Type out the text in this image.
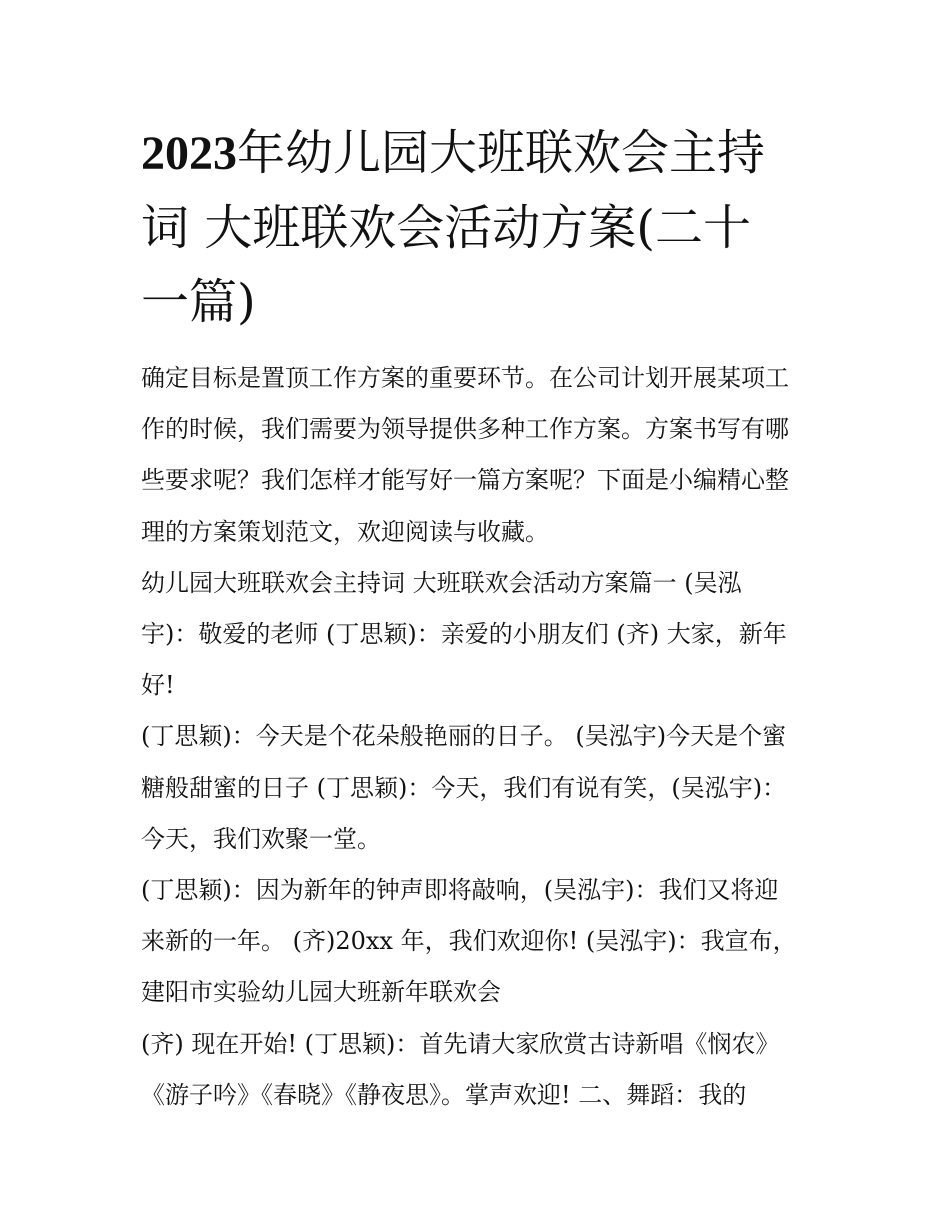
2023年幼儿园大班联欢会主持
词 大班联欢会活动方案(二十
一篇)

确定目标是置顶工作方案的重要环节。在公司计划开展某项工
作的时候，我们需要为领导提供多种工作方案。方案书写有哪
些要求呢？我们怎样才能写好一篇方案呢？下面是小编精心整
理的方案策划范文，欢迎阅读与收藏。

幼儿园大班联欢会主持词 大班联欢会活动方案篇一 (吴泓
宇)：敬爱的老师 (丁思颖)：亲爱的小朋友们 (齐) 大家，新年
好!

(丁思颖)：今天是个花朵般艳丽的日子。 (吴泓宇)今天是个蜜
糖般甜蜜的日子 (丁思颖)：今天，我们有说有笑，(吴泓宇)：
今天，我们欢聚一堂。

(丁思颖)：因为新年的钟声即将敲响，(吴泓宇)：我们又将迎
来新的一年。 (齐)20xx 年，我们欢迎你! (吴泓宇)：我宣布，
建阳市实验幼儿园大班新年联欢会

(齐) 现在开始! (丁思颖)：首先请大家欣赏古诗新唱《悯农》
《游子吟》《春晓》《静夜思》。掌声欢迎! 二、舞蹈：我的
